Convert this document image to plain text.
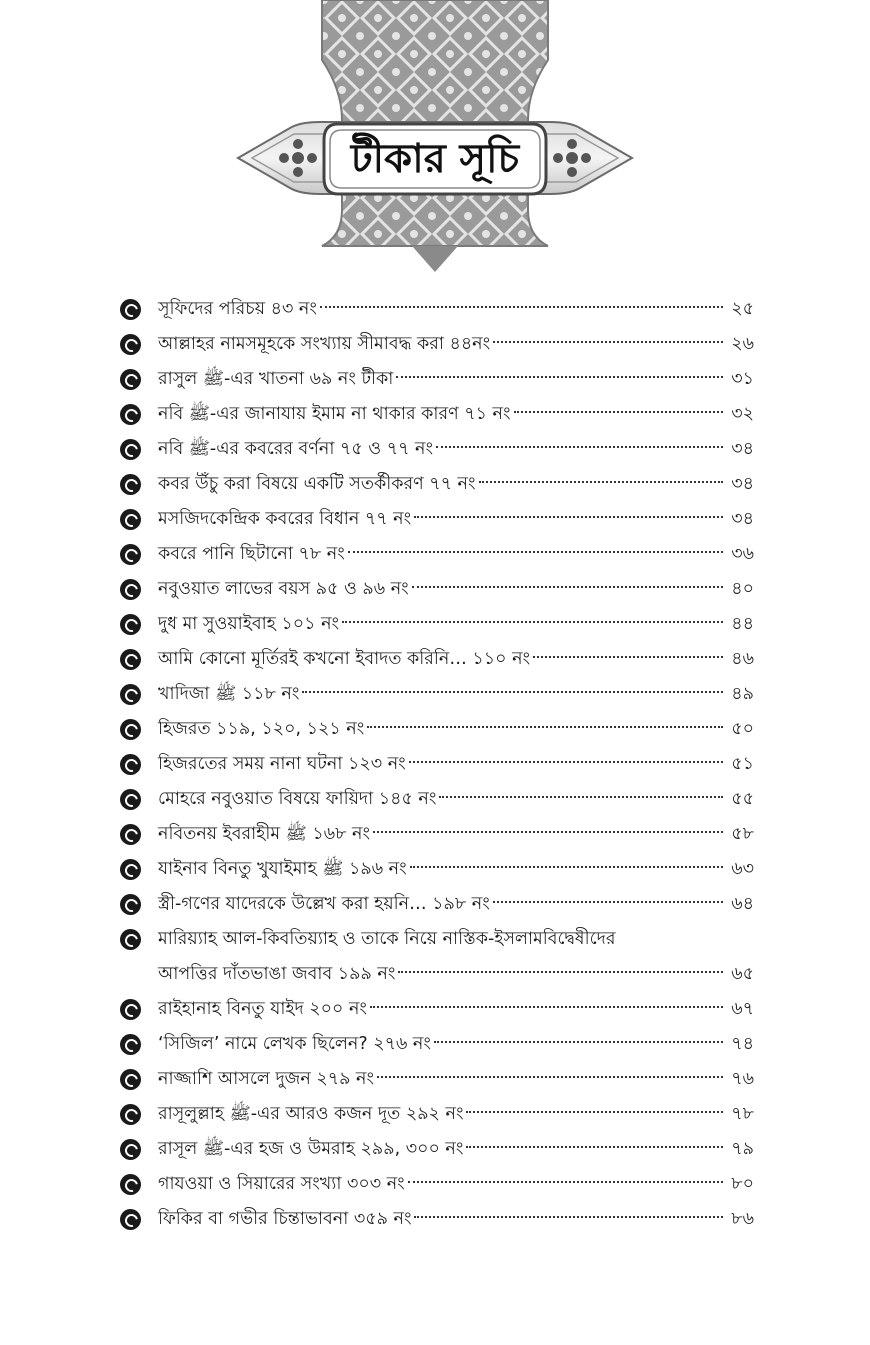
টীকার সূচি
সূফিদের পরিচয় ৪৩ নং	২৫
আল্লাহর নামসমূহকে সংখ্যায় সীমাবদ্ধ করা ৪৪নং	২৬
রাসুল ﷺ-এর খাতনা ৬৯ নং টীকা	৩১
নবি ﷺ-এর জানাযায় ইমাম না থাকার কারণ ৭১ নং	৩২
নবি ﷺ-এর কবরের বর্ণনা ৭৫ ও ৭৭ নং	৩৪
কবর উঁচু করা বিষয়ে একটি সতর্কীকরণ ৭৭ নং	৩৪
মসজিদকেন্দ্রিক কবরের বিধান ৭৭ নং	৩৪
কবরে পানি ছিটানো ৭৮ নং	৩৬
নবুওয়াত লাভের বয়স ৯৫ ও ৯৬ নং	৪০
দুধ মা সুওয়াইবাহ ১০১ নং	৪৪
আমি কোনো মূর্তিরই কখনো ইবাদত করিনি… ১১০ নং	৪৬
খাদিজা ﷺ ১১৮ নং	৪৯
হিজরত ১১৯, ১২০, ১২১ নং	৫০
হিজরতের সময় নানা ঘটনা ১২৩ নং	৫১
মোহরে নবুওয়াত বিষয়ে ফায়িদা ১৪৫ নং	৫৫
নবিতনয় ইবরাহীম ﷺ ১৬৮ নং	৫৮
যাইনাব বিনতু খুযাইমাহ ﷺ ১৯৬ নং	৬৩
স্ত্রী-গণের যাদেরকে উল্লেখ করা হয়নি… ১৯৮ নং	৬৪
মারিয়্যাহ আল-কিবতিয়্যাহ ও তাকে নিয়ে নাস্তিক-ইসলামবিদ্বেষীদের
আপত্তির দাঁতভাঙা জবাব ১৯৯ নং	৬৫
রাইহানাহ বিনতু যাইদ ২০০ নং	৬৭
‘সিজিল’ নামে লেখক ছিলেন? ২৭৬ নং	৭৪
নাজ্জাশি আসলে দুজন ২৭৯ নং	৭৬
রাসূলুল্লাহ ﷺ-এর আরও কজন দূত ২৯২ নং	৭৮
রাসূল ﷺ-এর হজ ও উমরাহ ২৯৯, ৩০০ নং	৭৯
গাযওয়া ও সিয়ারের সংখ্যা ৩০৩ নং	৮০
ফিকির বা গভীর চিন্তাভাবনা ৩৫৯ নং	৮৬
